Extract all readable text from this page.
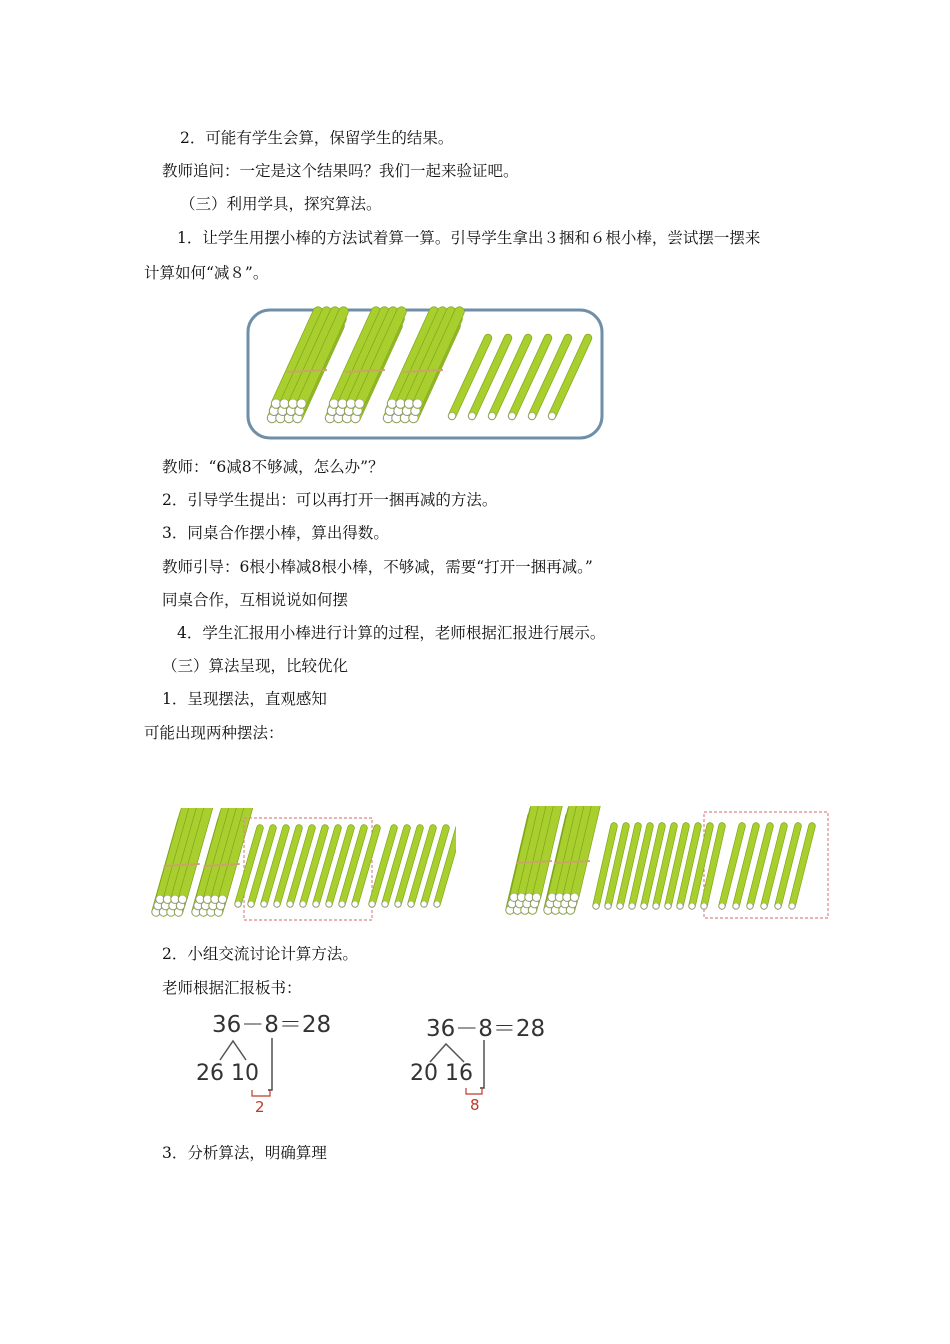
2．可能有学生会算，保留学生的结果。
教师追问：一定是这个结果吗？我们一起来验证吧。
（三）利用学具，探究算法。
1．让学生用摆小棒的方法试着算一算。引导学生拿出３捆和６根小棒，尝试摆一摆来
计算如何“减８”。
教师：“6减8不够减，怎么办”？
2．引导学生提出：可以再打开一捆再减的方法。
3．同桌合作摆小棒，算出得数。
教师引导：6根小棒减8根小棒，不够减，需要“打开一捆再减。”
同桌合作，互相说说如何摆
4．学生汇报用小棒进行计算的过程，老师根据汇报进行展示。
（三）算法呈现，比较优化
1．呈现摆法，直观感知
可能出现两种摆法：
2．小组交流讨论计算方法。
老师根据汇报板书：
36－8＝28
26 10
2
36－8＝28
20 16
8
3．分析算法，明确算理
